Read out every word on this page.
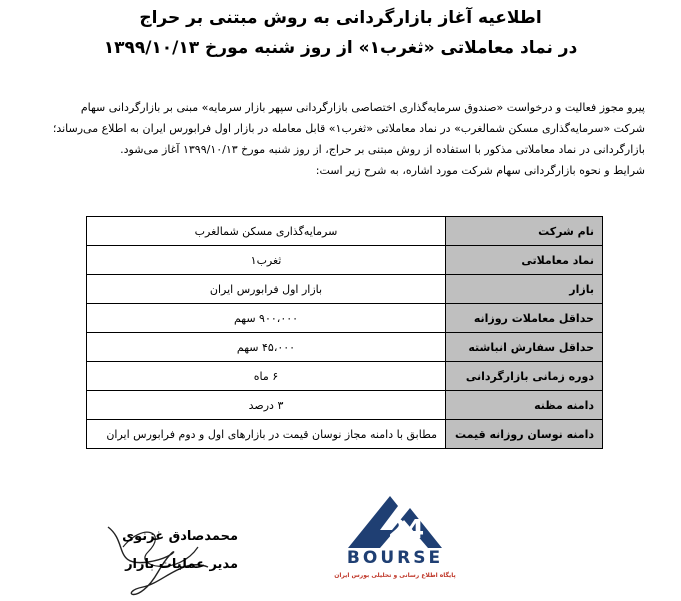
اطلاعیه آغاز بازارگردانی به روش مبتنی بر حراج
در نماد معاملاتی «ثغرب۱» از روز شنبه مورخ ۱۳۹۹/۱۰/۱۳
پیرو مجوز فعالیت و درخواست «صندوق سرمایه‌گذاری اختصاصی بازارگردانی سپهر بازار سرمایه» مبنی بر بازارگردانی سهام
شرکت «سرمایه‌گذاری مسکن شمالغرب» در نماد معاملاتی «ثغرب۱» قابل معامله در بازار اول فرابورس ایران به اطلاع می‌رساند؛
بازارگردانی در نماد معاملاتی مذکور با استفاده از روش مبتنی بر حراج، از روز شنبه مورخ ۱۳۹۹/۱۰/۱۳ آغاز می‌شود.
شرایط و نحوه بازارگردانی سهام شرکت مورد اشاره، به شرح زیر است:
نام شرکت	سرمایه‌گذاری مسکن شمالغرب
نماد معاملاتی	ثغرب۱
بازار	بازار اول فرابورس ایران
حداقل معاملات روزانه	۹۰۰،۰۰۰ سهم
حداقل سفارش انباشته	۴۵،۰۰۰ سهم
دوره زمانی بازارگردانی	۶ ماه
دامنه مظنه	۳ درصد
دامنه نوسان روزانه قیمت	مطابق با دامنه مجاز نوسان قیمت در بازارهای اول و دوم فرابورس ایران
محمدصادق غزنوی
مدیر عملیات بازار
24
BOURSE
پایگاه اطلاع رسانی و تحلیلی بورس ایران
